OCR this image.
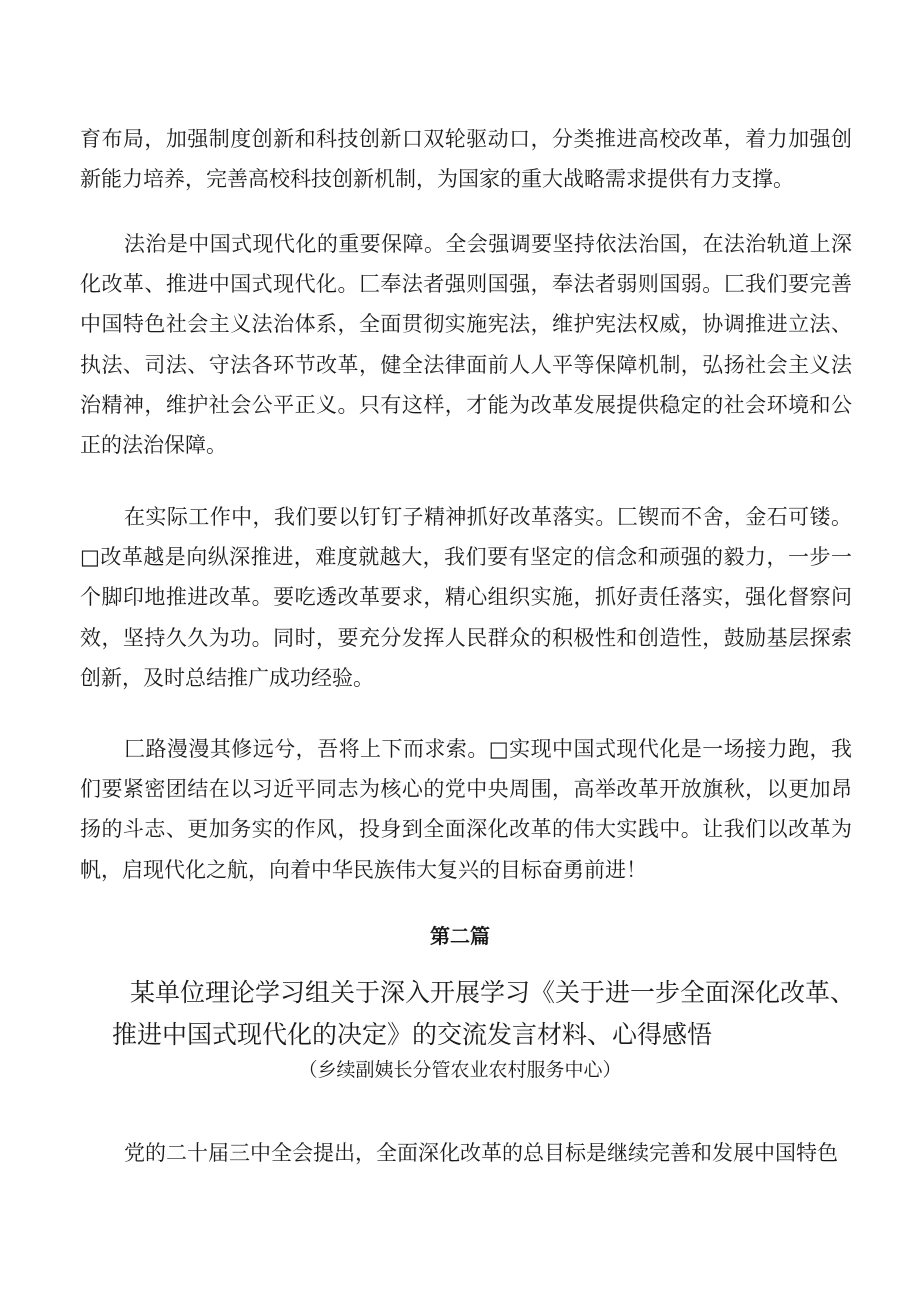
育布局，加强制度创新和科技创新口双轮驱动口，分类推进高校改革，着力加强创新能力培养，完善高校科技创新机制，为国家的重大战略需求提供有力支撑。

法治是中国式现代化的重要保障。全会强调要坚持依法治国，在法治轨道上深化改革、推进中国式现代化。匚奉法者强则国强，奉法者弱则国弱。匚我们要完善中国特色社会主义法治体系，全面贯彻实施宪法，维护宪法权威，协调推进立法、执法、司法、守法各环节改革，健全法律面前人人平等保障机制，弘扬社会主义法治精神，维护社会公平正义。只有这样，才能为改革发展提供稳定的社会环境和公正的法治保障。

在实际工作中，我们要以钉钉子精神抓好改革落实。匚锲而不舍，金石可镂。□改革越是向纵深推进，难度就越大，我们要有坚定的信念和顽强的毅力，一步一个脚印地推进改革。要吃透改革要求，精心组织实施，抓好责任落实，强化督察问效，坚持久久为功。同时，要充分发挥人民群众的积极性和创造性，鼓励基层探索创新，及时总结推广成功经验。

匚路漫漫其修远兮，吾将上下而求索。□实现中国式现代化是一场接力跑，我们要紧密团结在以习近平同志为核心的党中央周围，高举改革开放旗秋，以更加昂扬的斗志、更加务实的作风，投身到全面深化改革的伟大实践中。让我们以改革为帆，启现代化之航，向着中华民族伟大复兴的目标奋勇前进！

第二篇

某单位理论学习组关于深入开展学习《关于进一步全面深化改革、
推进中国式现代化的决定》的交流发言材料、心得感悟

（乡续副姨长分管农业农村服务中心）

党的二十届三中全会提出，全面深化改革的总目标是继续完善和发展中国特色
